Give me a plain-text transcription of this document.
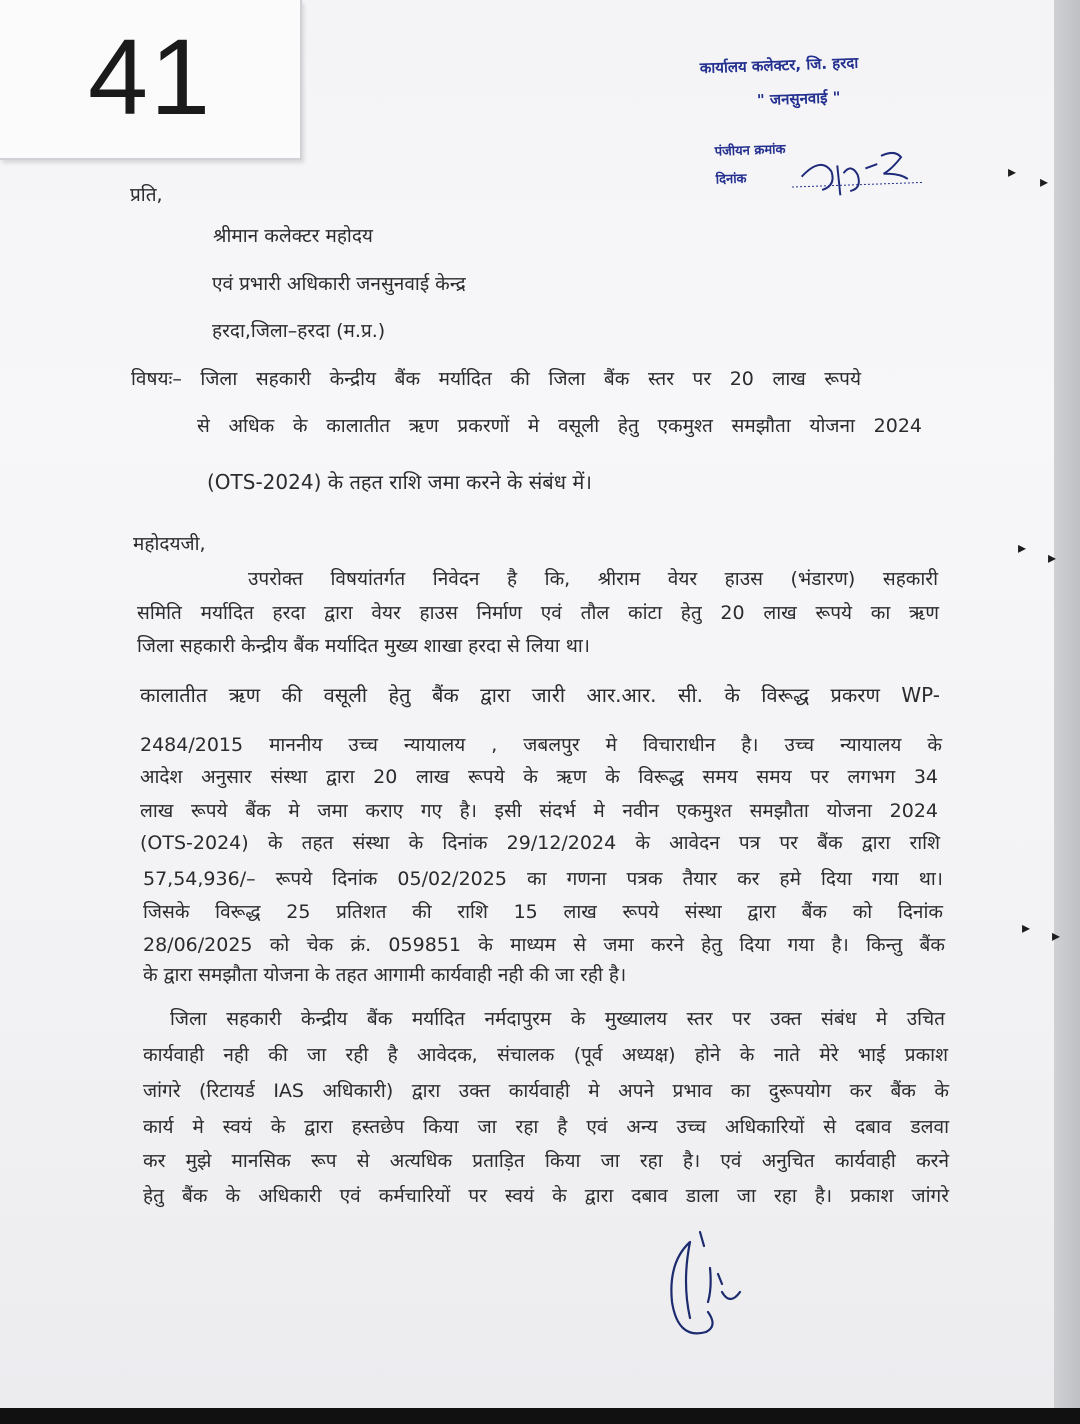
41	कार्यालय कलेक्टर, जि. हरदा
" जनसुनवाई "
पंजीयन क्रमांक
दिनांक
प्रति,
श्रीमान कलेक्टर महोदय
एवं प्रभारी अधिकारी जनसुनवाई केन्द्र
हरदा,जिला–हरदा (म.प्र.)
विषयः– जिला सहकारी केन्द्रीय बैंक मर्यादित की जिला बैंक स्तर पर 20 लाख रूपये
से अधिक के कालातीत ऋण प्रकरणों मे वसूली हेतु एकमुश्त समझौता योजना 2024
(OTS-2024) के तहत राशि जमा करने के संबंध में।
महोदयजी,
उपरोक्त विषयांतर्गत निवेदन है कि, श्रीराम वेयर हाउस (भंडारण) सहकारी
समिति मर्यादित हरदा द्वारा वेयर हाउस निर्माण एवं तौल कांटा हेतु 20 लाख रूपये का ऋण
जिला सहकारी केन्द्रीय बैंक मर्यादित मुख्य शाखा हरदा से लिया था।
कालातीत ऋण की वसूली हेतु बैंक द्वारा जारी आर.आर. सी. के विरूद्ध प्रकरण WP-
2484/2015 माननीय उच्च न्यायालय , जबलपुर मे विचाराधीन है। उच्च न्यायालय के
आदेश अनुसार संस्था द्वारा 20 लाख रूपये के ऋण के विरूद्ध समय समय पर लगभग 34
लाख रूपये बैंक मे जमा कराए गए है। इसी संदर्भ मे नवीन एकमुश्त समझौता योजना 2024
(OTS-2024) के तहत संस्था के दिनांक 29/12/2024 के आवेदन पत्र पर बैंक द्वारा राशि
57,54,936/– रूपये दिनांक 05/02/2025 का गणना पत्रक तैयार कर हमे दिया गया था।
जिसके विरूद्ध 25 प्रतिशत की राशि 15 लाख रूपये संस्था द्वारा बैंक को दिनांक
28/06/2025 को चेक क्रं. 059851 के माध्यम से जमा करने हेतु दिया गया है। किन्तु बैंक
के द्वारा समझौता योजना के तहत आगामी कार्यवाही नही की जा रही है।
जिला सहकारी केन्द्रीय बैंक मर्यादित नर्मदापुरम के मुख्यालय स्तर पर उक्त संबंध मे उचित
कार्यवाही नही की जा रही है आवेदक, संचालक (पूर्व अध्यक्ष) होने के नाते मेरे भाई प्रकाश
जांगरे (रिटायर्ड IAS अधिकारी) द्वारा उक्त कार्यवाही मे अपने प्रभाव का दुरूपयोग कर बैंक के
कार्य मे स्वयं के द्वारा हस्तछेप किया जा रहा है एवं अन्य उच्च अधिकारियों से दबाव डलवा
कर मुझे मानसिक रूप से अत्यधिक प्रताड़ित किया जा रहा है। एवं अनुचित कार्यवाही करने
हेतु बैंक के अधिकारी एवं कर्मचारियों पर स्वयं के द्वारा दबाव डाला जा रहा है। प्रकाश जांगरे
▸
▸
▸
▸
▸ ▸
